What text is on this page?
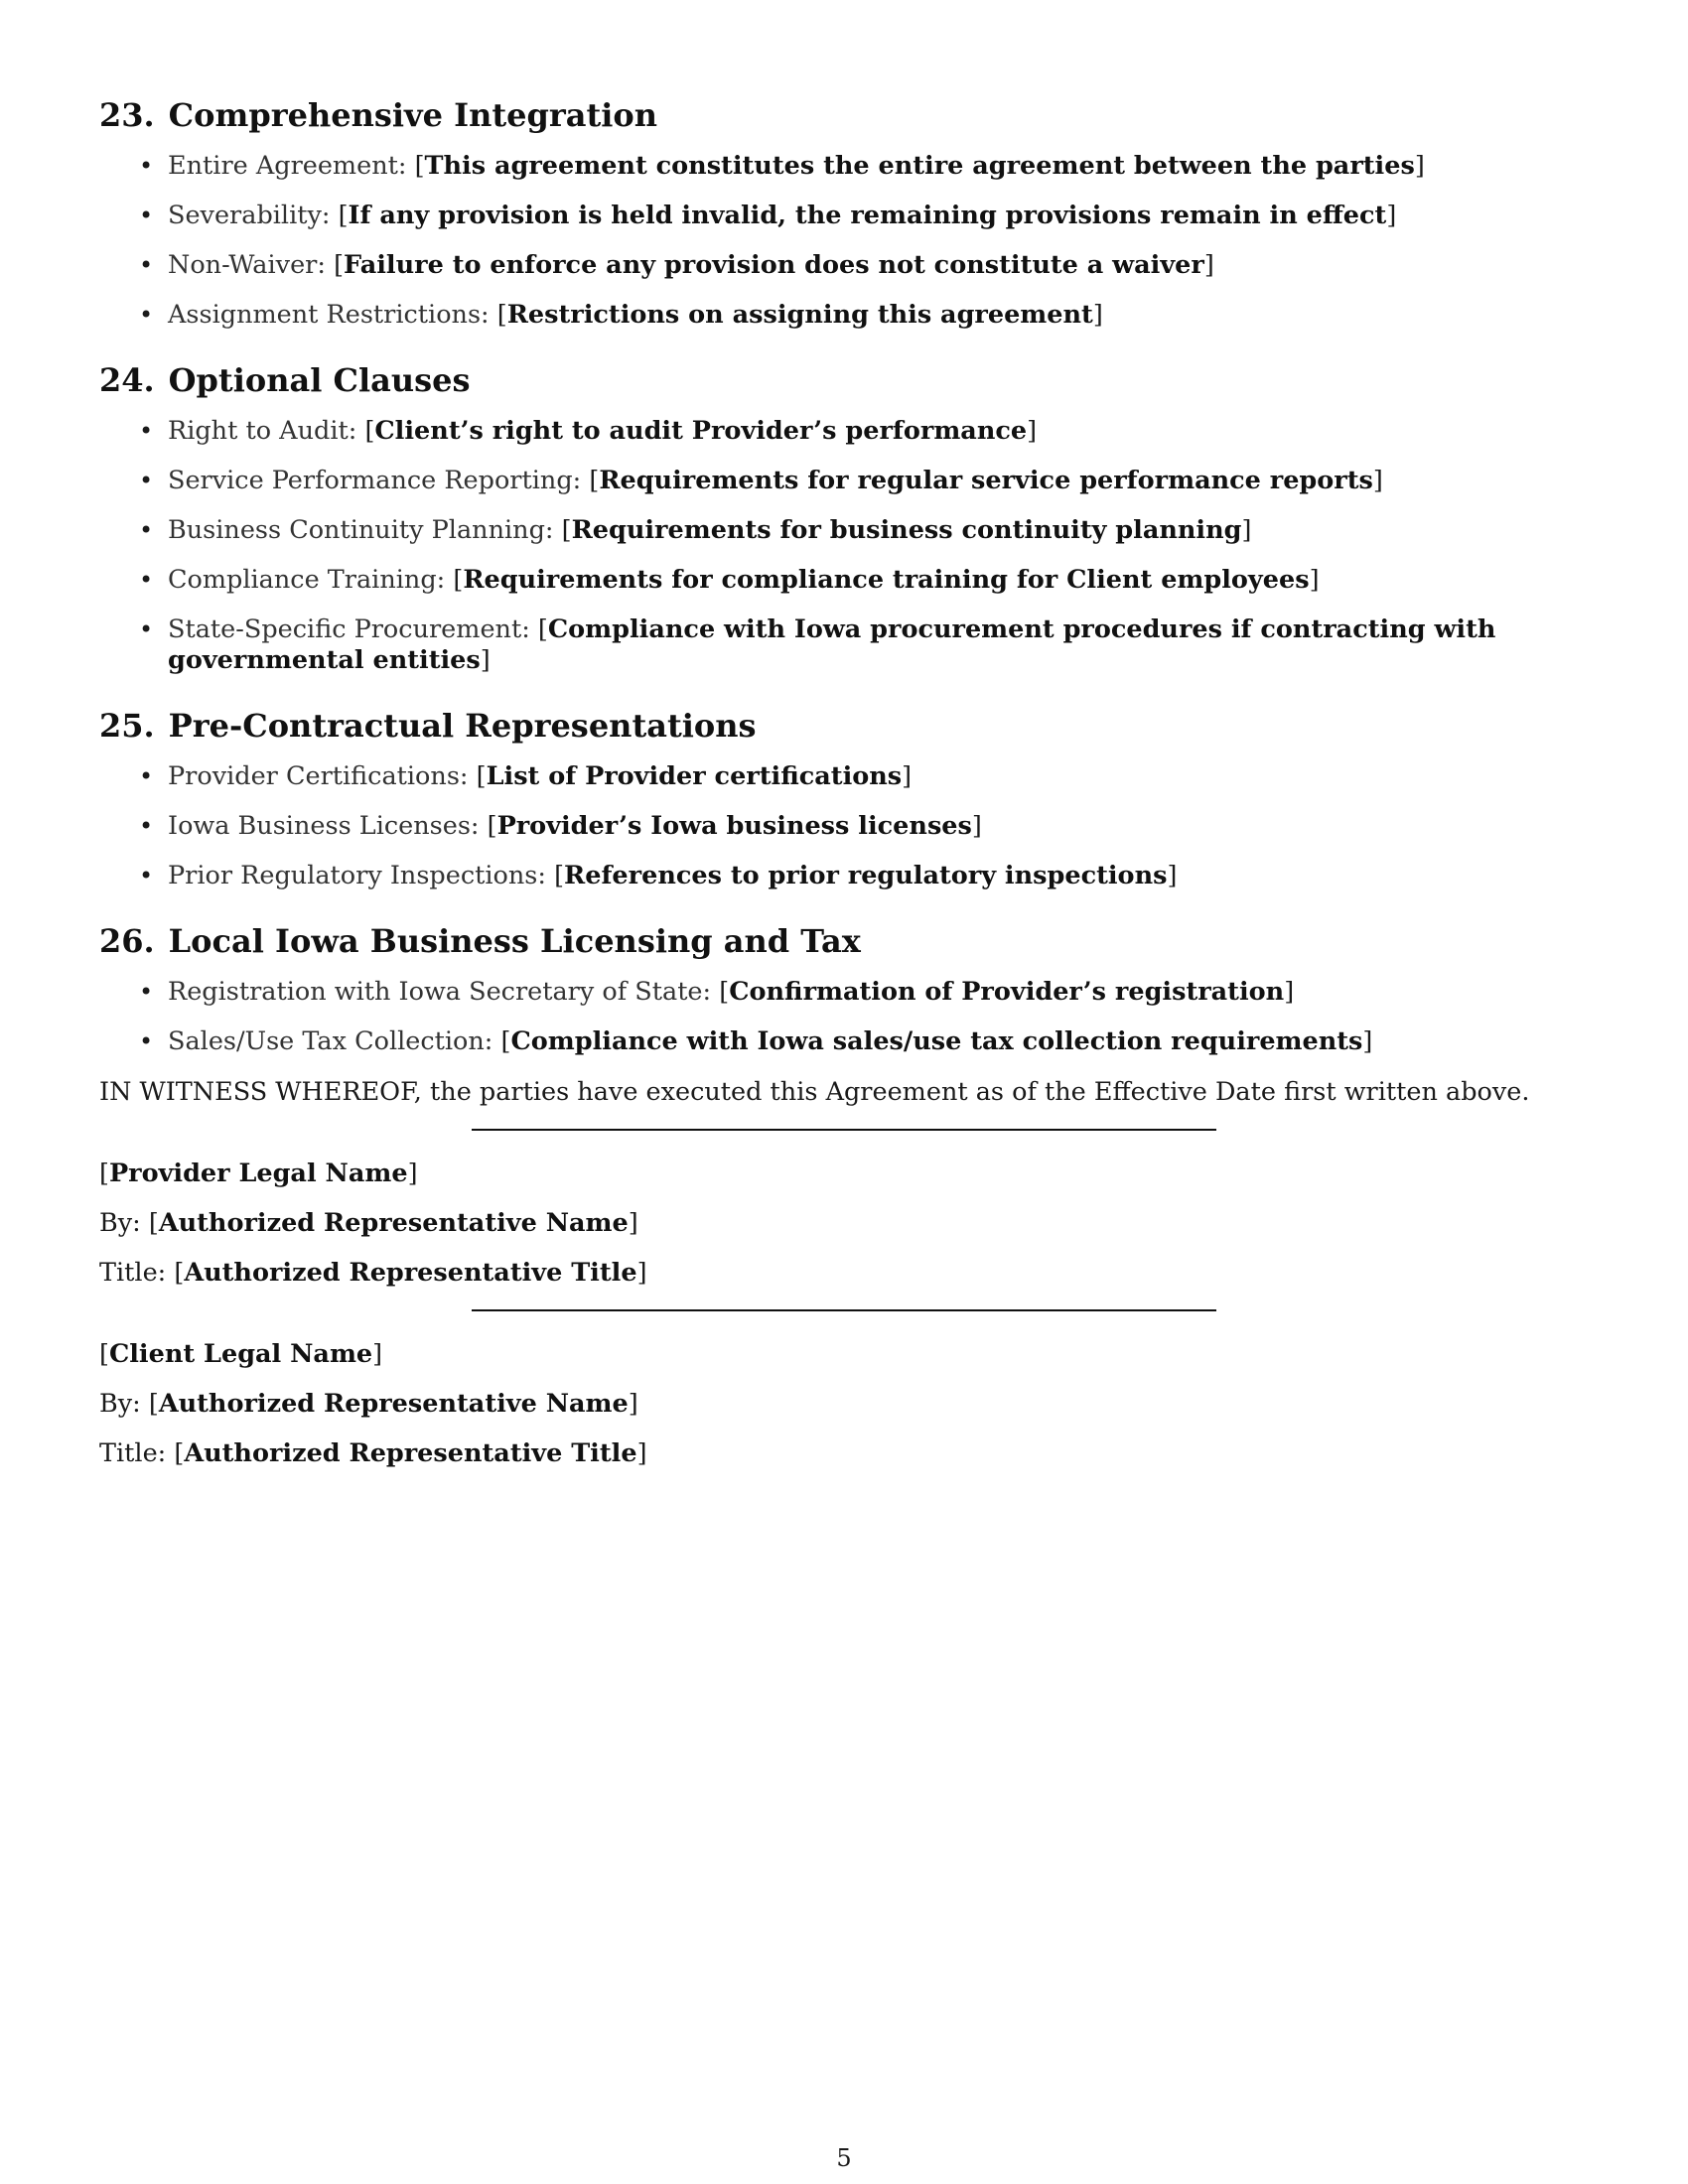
23. Comprehensive Integration
• Entire Agreement: [This agreement constitutes the entire agreement between the parties]
• Severability: [If any provision is held invalid, the remaining provisions remain in effect]
• Non-Waiver: [Failure to enforce any provision does not constitute a waiver]
• Assignment Restrictions: [Restrictions on assigning this agreement]
24. Optional Clauses
• Right to Audit: [Client’s right to audit Provider’s performance]
• Service Performance Reporting: [Requirements for regular service performance reports]
• Business Continuity Planning: [Requirements for business continuity planning]
• Compliance Training: [Requirements for compliance training for Client employees]
• State-Specific Procurement: [Compliance with Iowa procurement procedures if contracting with governmental entities]
25. Pre-Contractual Representations
• Provider Certifications: [List of Provider certifications]
• Iowa Business Licenses: [Provider’s Iowa business licenses]
• Prior Regulatory Inspections: [References to prior regulatory inspections]
26. Local Iowa Business Licensing and Tax
• Registration with Iowa Secretary of State: [Confirmation of Provider’s registration]
• Sales/Use Tax Collection: [Compliance with Iowa sales/use tax collection requirements]

IN WITNESS WHEREOF, the parties have executed this Agreement as of the Effective Date first written above.

[Provider Legal Name]
By: [Authorized Representative Name]
Title: [Authorized Representative Title]
[Client Legal Name]
By: [Authorized Representative Name]
Title: [Authorized Representative Title]
5
